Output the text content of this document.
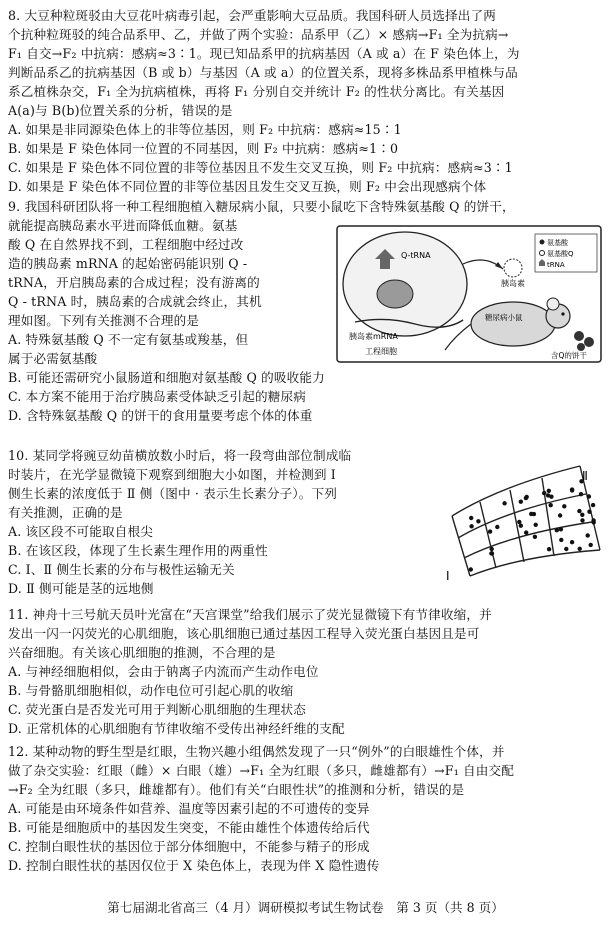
8. 大豆种粒斑驳由大豆花叶病毒引起，会严重影响大豆品质。我国科研人员选择出了两
个抗种粒斑驳的纯合品系甲、乙，并做了两个实验：品系甲（乙）× 感病→F₁ 全为抗病→
F₁ 自交→F₂ 中抗病：感病≈3∶1。现已知品系甲的抗病基因（A 或 a）在 F 染色体上，为
判断品系乙的抗病基因（B 或 b）与基因（A 或 a）的位置关系，现将多株品系甲植株与品
系乙植株杂交，F₁ 全为抗病植株，再将 F₁ 分别自交并统计 F₂ 的性状分离比。有关基因
A(a)与 B(b)位置关系的分析，错误的是
A. 如果是非同源染色体上的非等位基因，则 F₂ 中抗病：感病≈15∶1
B. 如果是 F 染色体同一位置的不同基因，则 F₂ 中抗病：感病≈1∶0
C. 如果是 F 染色体不同位置的非等位基因且不发生交叉互换，则 F₂ 中抗病：感病≈3∶1
D. 如果是 F 染色体不同位置的非等位基因且发生交叉互换，则 F₂ 中会出现感病个体
9. 我国科研团队将一种工程细胞植入糖尿病小鼠，只要小鼠吃下含特殊氨基酸 Q 的饼干，
就能提高胰岛素水平进而降低血糖。氨基
酸 Q 在自然界找不到，工程细胞中经过改
造的胰岛素 mRNA 的起始密码能识别 Q -
tRNA，开启胰岛素的合成过程；没有游离的
Q - tRNA 时，胰岛素的合成就会终止，其机
理如图。下列有关推测不合理的是
A. 特殊氨基酸 Q 不一定有氨基或羧基，但
属于必需氨基酸
B. 可能还需研究小鼠肠道和细胞对氨基酸 Q 的吸收能力
C. 本方案不能用于治疗胰岛素受体缺乏引起的糖尿病
D. 含特殊氨基酸 Q 的饼干的食用量要考虑个体的体重
Q-tRNA
胰岛素mRNA
工程细胞
胰岛素
氨基酸
氨基酸Q
tRNA
糖尿病小鼠
含Q的饼干
10. 某同学将豌豆幼苗横放数小时后，将一段弯曲部位制成临
时装片，在光学显微镜下观察到细胞大小如图，并检测到 Ⅰ
侧生长素的浓度低于 Ⅱ 侧（图中 · 表示生长素分子）。下列
有关推测，正确的是
A. 该区段不可能取自根尖
B. 在该区段，体现了生长素生理作用的两重性
C. Ⅰ、Ⅱ 侧生长素的分布与极性运输无关
D. Ⅱ 侧可能是茎的远地侧
Ⅰ
Ⅱ
11. 神舟十三号航天员叶光富在“天宫课堂”给我们展示了荧光显微镜下有节律收缩，并
发出一闪一闪荧光的心肌细胞，该心肌细胞已通过基因工程导入荧光蛋白基因且是可
兴奋细胞。有关该心肌细胞的推测，不合理的是
A. 与神经细胞相似，会由于钠离子内流而产生动作电位
B. 与骨骼肌细胞相似，动作电位可引起心肌的收缩
C. 荧光蛋白是否发光可用于判断心肌细胞的生理状态
D. 正常机体的心肌细胞有节律收缩不受传出神经纤维的支配
12. 某种动物的野生型是红眼，生物兴趣小组偶然发现了一只“例外”的白眼雄性个体，并
做了杂交实验：红眼（雌）× 白眼（雄）→F₁ 全为红眼（多只，雌雄都有）→F₁ 自由交配
→F₂ 全为红眼（多只，雌雄都有）。他们有关“白眼性状”的推测和分析，错误的是
A. 可能是由环境条件如营养、温度等因素引起的不可遗传的变异
B. 可能是细胞质中的基因发生突变，不能由雄性个体遗传给后代
C. 控制白眼性状的基因位于部分体细胞中，不能参与精子的形成
D. 控制白眼性状的基因仅位于 X 染色体上，表现为伴 X 隐性遗传
第七届湖北省高三（4 月）调研模拟考试生物试卷　第 3 页（共 8 页）
